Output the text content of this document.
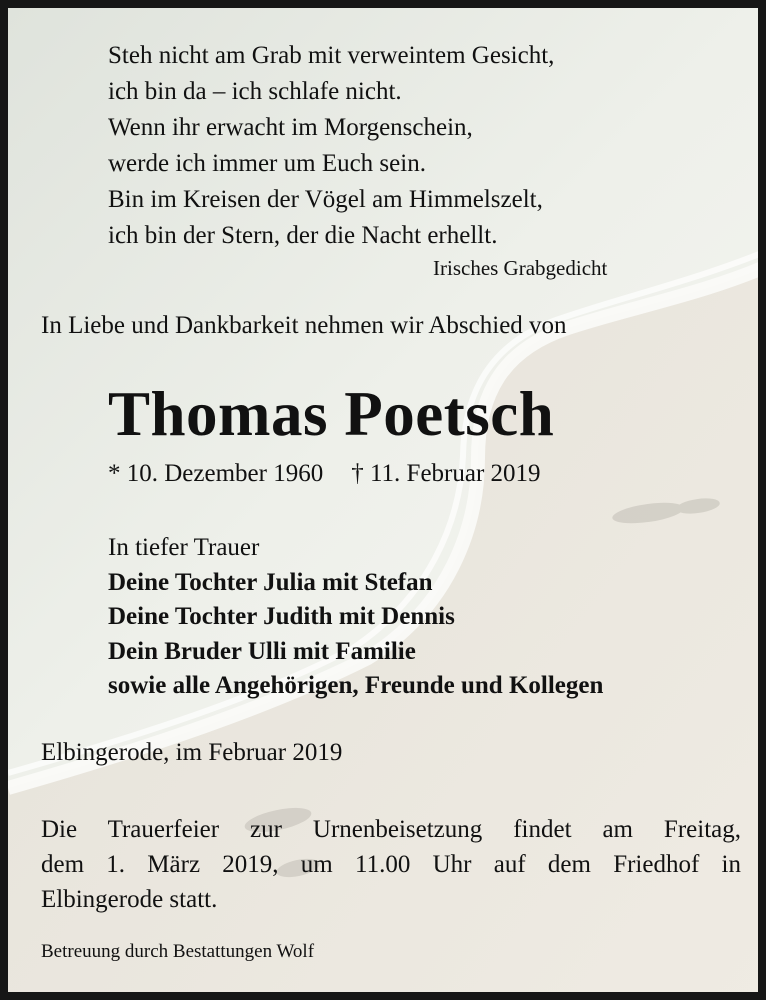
Steh nicht am Grab mit verweintem Gesicht,

ich bin da – ich schlafe nicht.

Wenn ihr erwacht im Morgenschein,

werde ich immer um Euch sein.

Bin im Kreisen der Vögel am Himmelszelt,

ich bin der Stern, der die Nacht erhellt.

Irisches Grabgedicht
In Liebe und Dankbarkeit nehmen wir Abschied von
Thomas Poetsch
* 10. Dezember 1960 † 11. Februar 2019
In tiefer Trauer
Deine Tochter Julia mit Stefan
Deine Tochter Judith mit Dennis
Dein Bruder Ulli mit Familie
sowie alle Angehörigen, Freunde und Kollegen
Elbingerode, im Februar 2019
Die Trauerfeier zur Urnenbeisetzung findet am Freitag,
dem 1. März 2019, um 11.00 Uhr auf dem Friedhof in
Elbingerode statt.
Betreuung durch Bestattungen Wolf
